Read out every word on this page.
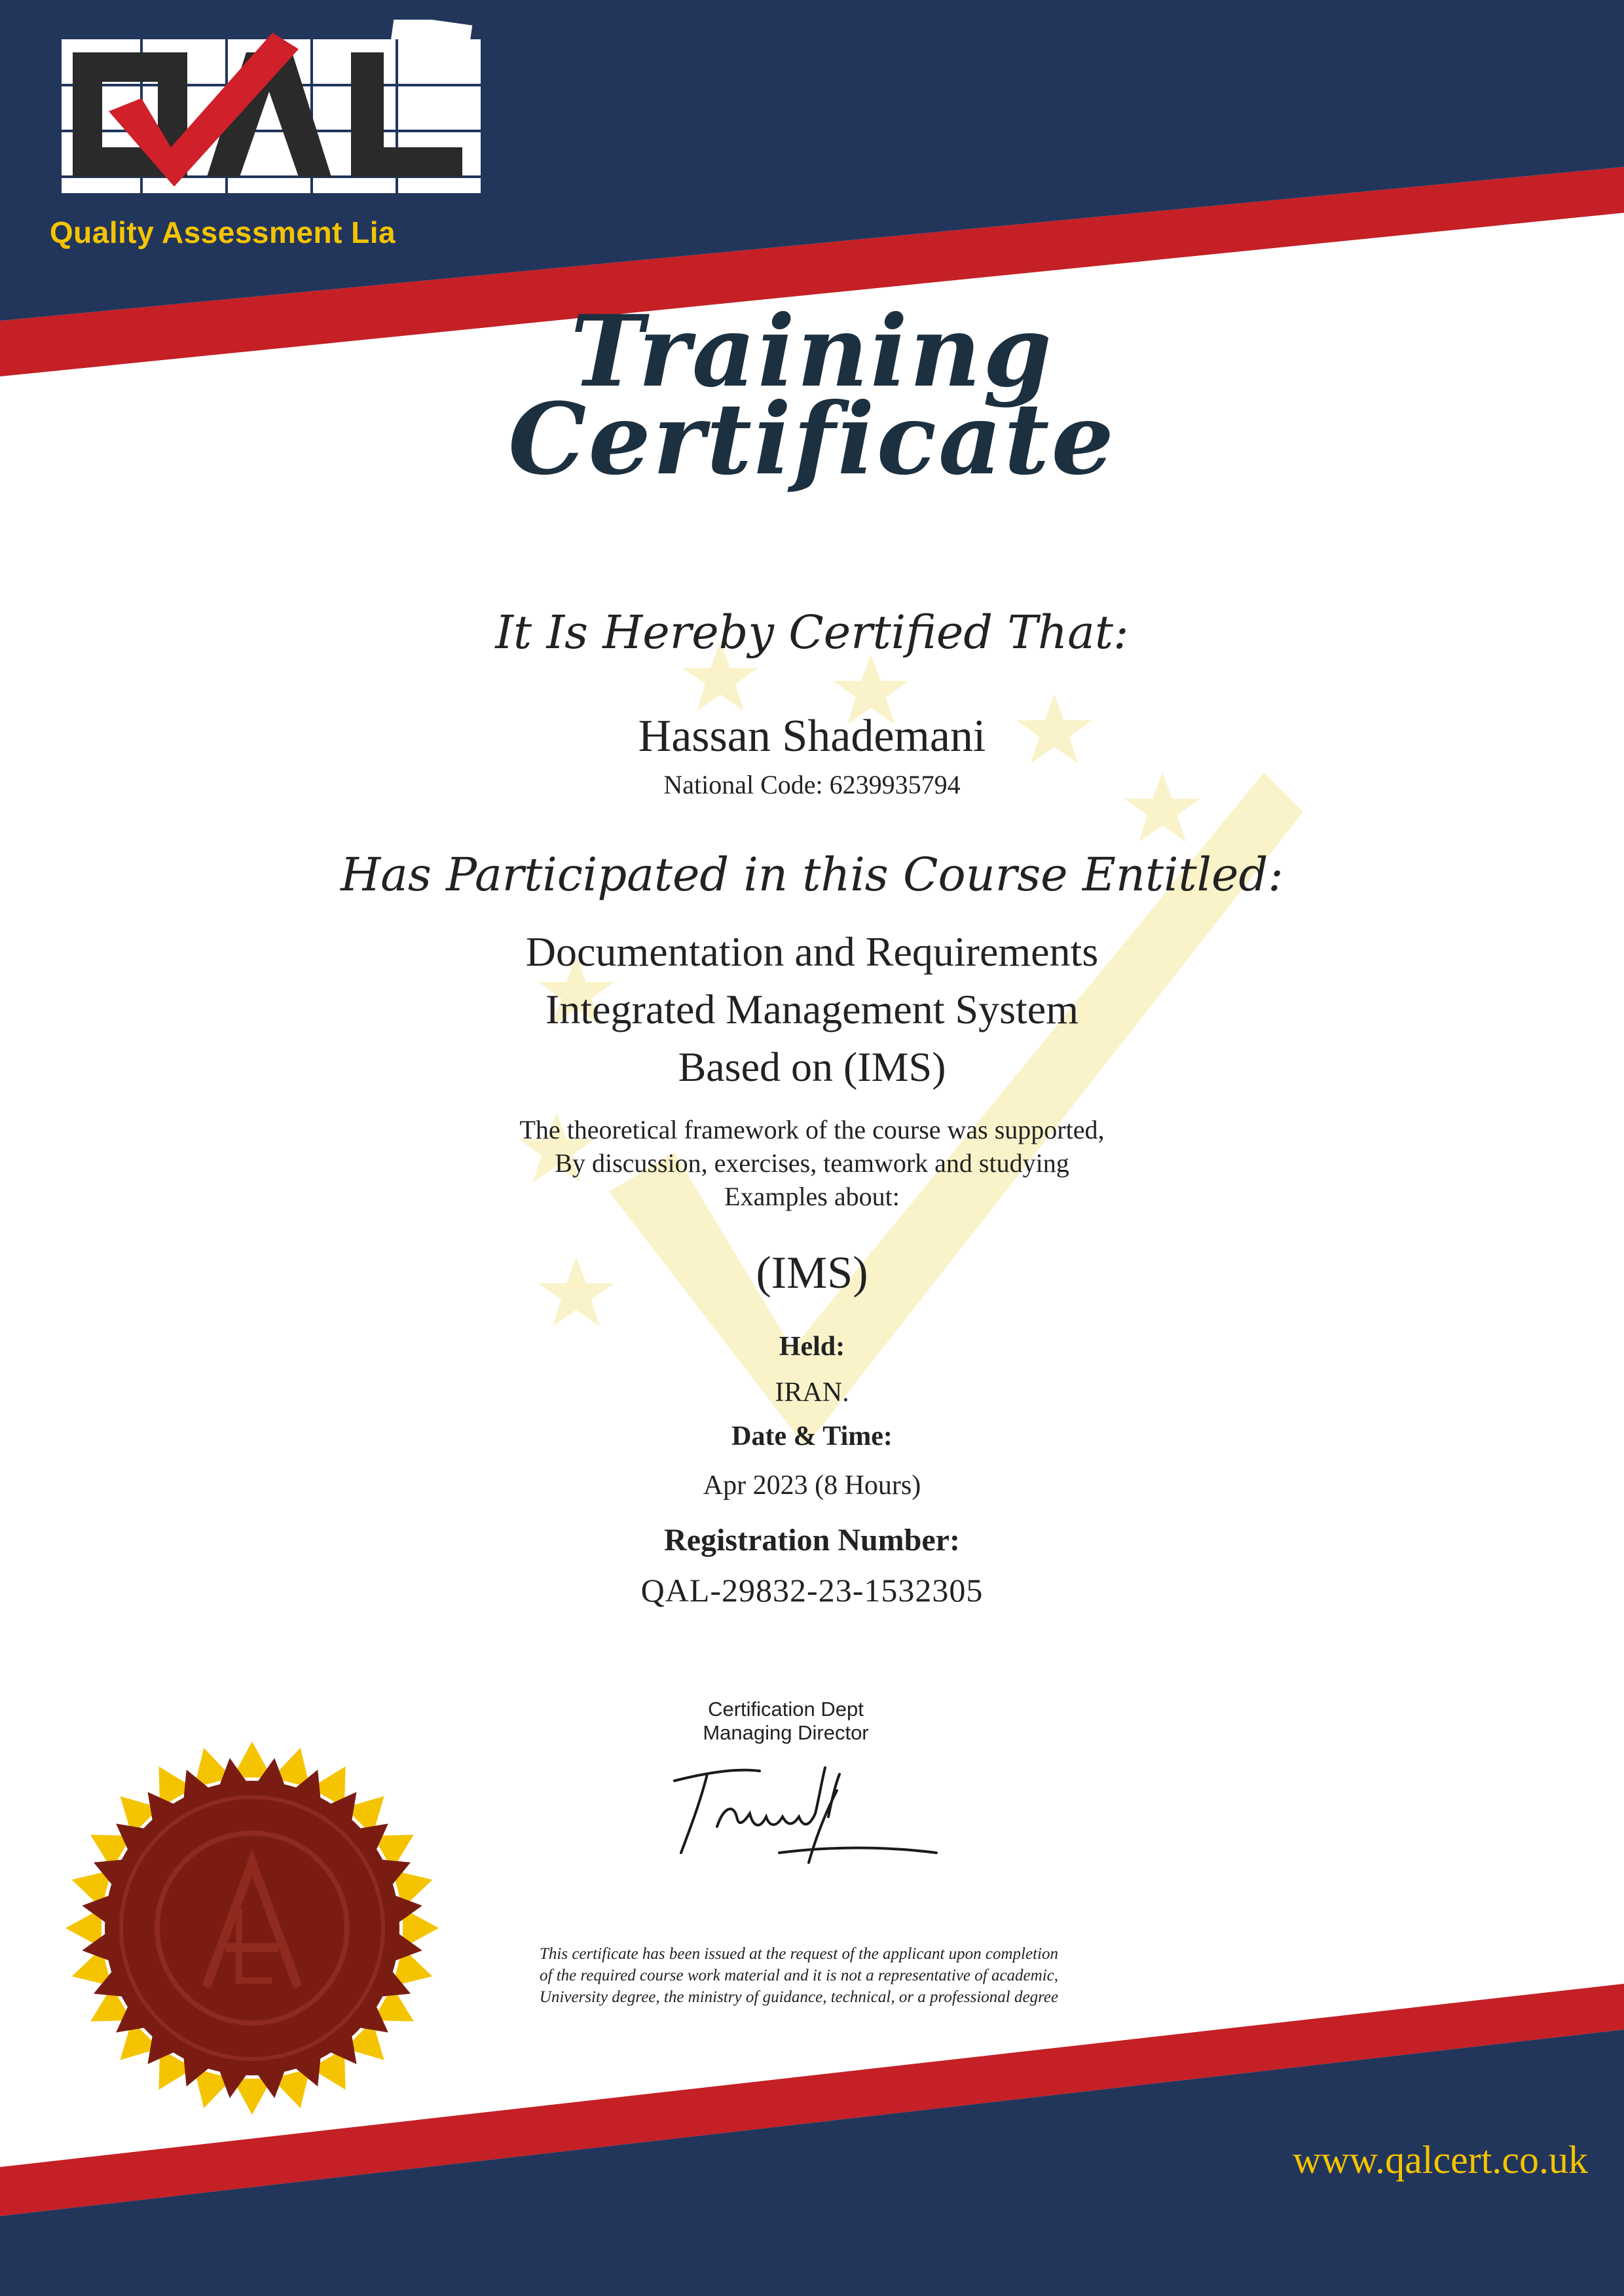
Quality Assessment Lia
Training
Certificate
It Is Hereby Certified That:
Hassan Shademani
National Code: 6239935794
Has Participated in this Course Entitled:
Documentation and Requirements
Integrated Management System
Based on (IMS)
The theoretical framework of the course was supported,
By discussion, exercises, teamwork and studying
Examples about:
(IMS)
Held:
IRAN.
Date & Time:
Apr 2023 (8 Hours)
Registration Number:
QAL-29832-23-1532305
Certification Dept
Managing Director
This certificate has been issued at the request of the applicant upon completion
of the required course work material and it is not a representative of academic,
University degree, the ministry of guidance, technical, or a professional degree
www.qalcert.co.uk
